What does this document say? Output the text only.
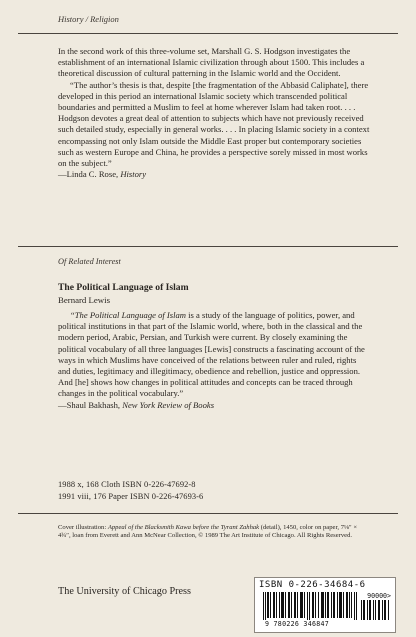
History / Religion

In the second work of this three-volume set, Marshall G. S. Hodgson investigates the establishment of an international Islamic civilization through about 1500. This includes a theoretical discussion of cultural patterning in the Islamic world and the Occident.

“The author’s thesis is that, despite [the fragmentation of the Abbasid Caliphate], there developed in this period an international Islamic society which transcended political boundaries and permitted a Muslim to feel at home wherever Islam had taken root. . . . Hodgson devotes a great deal of attention to subjects which have not previously received such detailed study, especially in general works. . . . In placing Islamic society in a context encompassing not only Islam outside the Middle East proper but contemporary societies such as western Europe and China, he provides a perspective sorely missed in most works on the subject.”

—Linda C. Rose, History

Of Related Interest
The Political Language of Islam
Bernard Lewis

“The Political Language of Islam is a study of the language of politics, power, and political institutions in that part of the Islamic world, where, both in the classical and the modern period, Arabic, Persian, and Turkish were current. By closely examining the political vocabulary of all three languages [Lewis] constructs a fascinating account of the ways in which Muslims have conceived of the relations between ruler and ruled, rights and duties, legitimacy and illegitimacy, obedience and rebellion, justice and oppression. And [he] shows how changes in political attitudes and concepts can be traced through changes in the political vocabulary.”

—Shaul Bakhash, New York Review of Books

1988 x, 168 Cloth ISBN 0-226-47692-8
1991 viii, 176 Paper ISBN 0-226-47693-6
Cover illustration: Appeal of the Blacksmith Kawa before the Tyrant Zahhak (detail), 1450, color on paper, 7⅛″ × 4¾″, loan from Everett and Ann McNear Collection, © 1989 The Art Institute of Chicago. All Rights Reserved.
The University of Chicago Press
ISBN 0-226-34684-6
90000>
9 780226 346847
